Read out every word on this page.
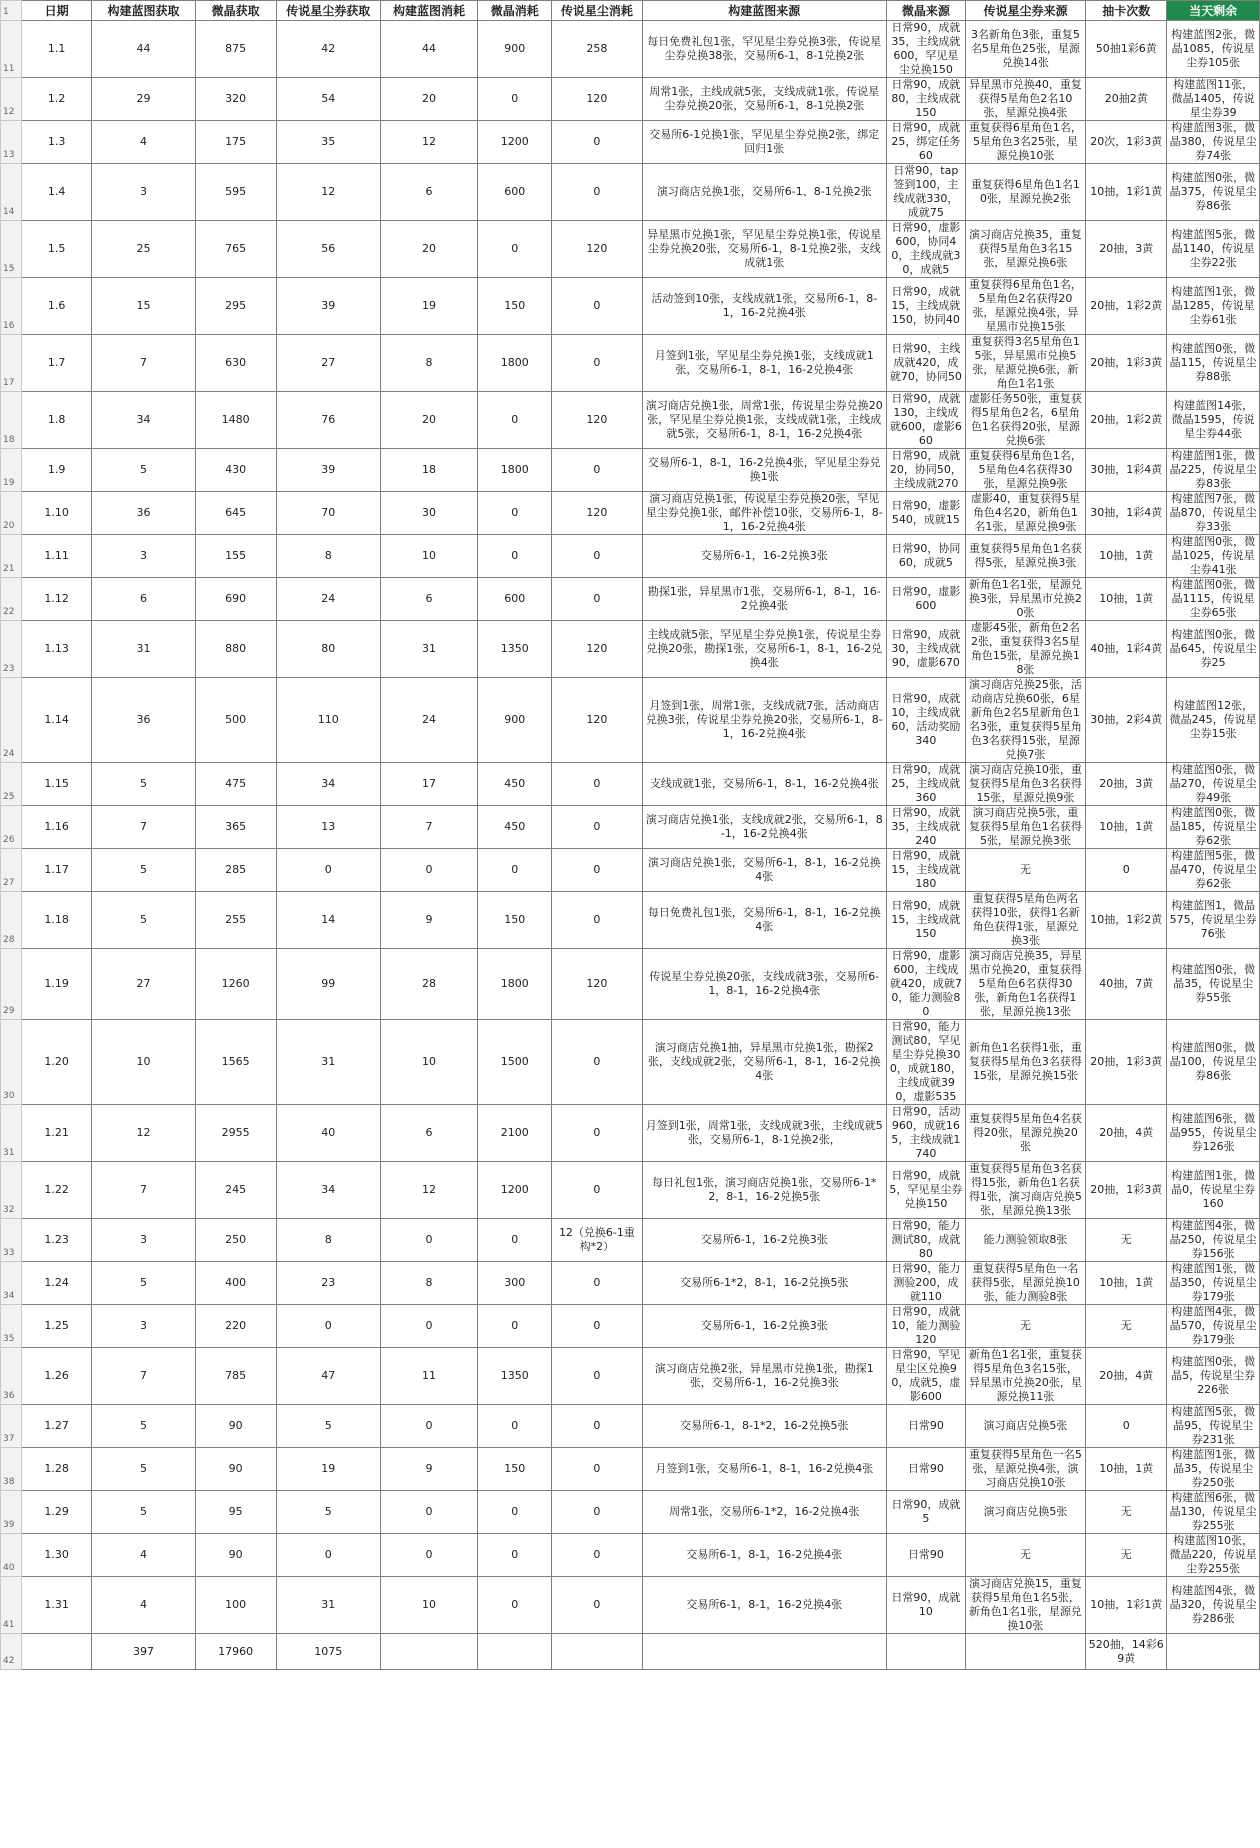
1	日期	构建蓝图获取	微晶获取	传说星尘券获取	构建蓝图消耗	微晶消耗	传说星尘消耗	构建蓝图来源	微晶来源	传说星尘券来源	抽卡次数	当天剩余
11	1.1	44	875	42	44	900	258	每日免费礼包1张，罕见星尘券兑换3张，传说星尘券兑换38张，交易所6-1，8-1兑换2张	日常90，成就35，主线成就600，罕见星尘兑换150	3名新角色3张，重复5名5星角色25张，星源兑换14张	50抽1彩6黄	构建蓝图2张，微晶1085，传说星尘券105张
12	1.2	29	320	54	20	0	120	周常1张，主线成就5张，支线成就1张，传说星尘券兑换20张，交易所6-1，8-1兑换2张	日常90，成就80，主线成就150	异星黑市兑换40，重复获得5星角色2名10张，星源兑换4张	20抽2黄	构建蓝图11张，微晶1405，传说星尘券39
13	1.3	4	175	35	12	1200	0	交易所6-1兑换1张，罕见星尘券兑换2张，绑定回归1张	日常90，成就25，绑定任务60	重复获得6星角色1名，5星角色3名25张，星源兑换10张	20次，1彩3黄	构建蓝图3张，微晶380，传说星尘券74张
14	1.4	3	595	12	6	600	0	演习商店兑换1张，交易所6-1、8-1兑换2张	日常90，tap签到100，主线成就330，成就75	重复获得6星角色1名10张，星源兑换2张	10抽，1彩1黄	构建蓝图0张，微晶375，传说星尘券86张
15	1.5	25	765	56	20	0	120	异星黑市兑换1张，罕见星尘券兑换1张，传说星尘券兑换20张，交易所6-1，8-1兑换2张，支线成就1张	日常90，虚影600，协同40，主线成就30，成就5	演习商店兑换35，重复获得5星角色3名15张，星源兑换6张	20抽，3黄	构建蓝图5张，微晶1140，传说星尘券22张
16	1.6	15	295	39	19	150	0	活动签到10张，支线成就1张，交易所6-1，8-1，16-2兑换4张	日常90，成就15，主线成就150，协同40	重复获得6星角色1名，5星角色2名获得20张，星源兑换4张，异星黑市兑换15张	20抽，1彩2黄	构建蓝图1张，微晶1285，传说星尘券61张
17	1.7	7	630	27	8	1800	0	月签到1张，罕见星尘券兑换1张，支线成就1张，交易所6-1，8-1，16-2兑换4张	日常90，主线成就420，成就70，协同50	重复获得3名5星角色15张，异星黑市兑换5张，星源兑换6张，新角色1名1张	20抽，1彩3黄	构建蓝图0张，微晶115，传说星尘券88张
18	1.8	34	1480	76	20	0	120	演习商店兑换1张，周常1张，传说星尘券兑换20张，罕见星尘券兑换1张，支线成就1张，主线成就5张，交易所6-1，8-1，16-2兑换4张	日常90，成就130，主线成就600，虚影660	虚影任务50张，重复获得5星角色2名，6星角色1名获得20张，星源兑换6张	20抽，1彩2黄	构建蓝图14张，微晶1595，传说星尘券44张
19	1.9	5	430	39	18	1800	0	交易所6-1，8-1，16-2兑换4张，罕见星尘券兑换1张	日常90，成就20，协同50，主线成就270	重复获得6星角色1名，5星角色4名获得30张，星源兑换9张	30抽，1彩4黄	构建蓝图1张，微晶225，传说星尘券83张
20	1.10	36	645	70	30	0	120	演习商店兑换1张，传说星尘券兑换20张，罕见星尘券兑换1张，邮件补偿10张，交易所6-1，8-1，16-2兑换4张	日常90，虚影540，成就15	虚影40，重复获得5星角色4名20，新角色1名1张，星源兑换9张	30抽，1彩4黄	构建蓝图7张，微晶870，传说星尘券33张
21	1.11	3	155	8	10	0	0	交易所6-1，16-2兑换3张	日常90，协同60，成就5	重复获得5星角色1名获得5张，星源兑换3张	10抽，1黄	构建蓝图0张，微晶1025，传说星尘券41张
22	1.12	6	690	24	6	600	0	勘探1张，异星黑市1张，交易所6-1，8-1，16-2兑换4张	日常90，虚影600	新角色1名1张，星源兑换3张，异星黑市兑换20张	10抽，1黄	构建蓝图0张，微晶1115，传说星尘券65张
23	1.13	31	880	80	31	1350	120	主线成就5张，罕见星尘券兑换1张，传说星尘券兑换20张，勘探1张，交易所6-1，8-1，16-2兑换4张	日常90，成就30，主线成就90，虚影670	虚影45张，新角色2名2张，重复获得3名5星角色15张，星源兑换18张	40抽，1彩4黄	构建蓝图0张，微晶645，传说星尘券25
24	1.14	36	500	110	24	900	120	月签到1张，周常1张，支线成就7张，活动商店兑换3张，传说星尘券兑换20张，交易所6-1，8-1，16-2兑换4张	日常90，成就10，主线成就60，活动奖励340	演习商店兑换25张，活动商店兑换60张，6星新角色2名5星新角色1名3张，重复获得5星角色3名获得15张，星源兑换7张	30抽，2彩4黄	构建蓝图12张，微晶245，传说星尘券15张
25	1.15	5	475	34	17	450	0	支线成就1张，交易所6-1，8-1，16-2兑换4张	日常90，成就25，主线成就360	演习商店兑换10张，重复获得5星角色3名获得15张，星源兑换9张	20抽，3黄	构建蓝图0张，微晶270，传说星尘券49张
26	1.16	7	365	13	7	450	0	演习商店兑换1张，支线成就2张，交易所6-1，8-1，16-2兑换4张	日常90，成就35，主线成就240	演习商店兑换5张，重复获得5星角色1名获得5张，星源兑换3张	10抽，1黄	构建蓝图0张，微晶185，传说星尘券62张
27	1.17	5	285	0	0	0	0	演习商店兑换1张，交易所6-1，8-1，16-2兑换4张	日常90，成就15，主线成就180	无	0	构建蓝图5张，微晶470，传说星尘券62张
28	1.18	5	255	14	9	150	0	每日免费礼包1张，交易所6-1，8-1，16-2兑换4张	日常90，成就15，主线成就150	重复获得5星角色两名获得10张，获得1名新角色获得1张，星源兑换3张	10抽，1彩2黄	构建蓝图1，微晶575，传说星尘券76张
29	1.19	27	1260	99	28	1800	120	传说星尘券兑换20张，支线成就3张，交易所6-1，8-1，16-2兑换4张	日常90，虚影600，主线成就420，成就70，能力测验80	演习商店兑换35，异星黑市兑换20，重复获得5星角色6名获得30张，新角色1名获得1张，星源兑换13张	40抽，7黄	构建蓝图0张，微晶35，传说星尘券55张
30	1.20	10	1565	31	10	1500	0	演习商店兑换1抽，异星黑市兑换1张，勘探2张，支线成就2张，交易所6-1，8-1，16-2兑换4张	日常90，能力测试80，罕见星尘券兑换300，成就180，主线成就390，虚影535	新角色1名获得1张，重复获得5星角色3名获得15张，星源兑换15张	20抽，1彩3黄	构建蓝图0张，微晶100，传说星尘券86张
31	1.21	12	2955	40	6	2100	0	月签到1张，周常1张，支线成就3张，主线成就5张，交易所6-1，8-1兑换2张，	日常90，活动960，成就165，主线成就1740	重复获得5星角色4名获得20张，星源兑换20张	20抽，4黄	构建蓝图6张，微晶955，传说星尘券126张
32	1.22	7	245	34	12	1200	0	每日礼包1张，演习商店兑换1张，交易所6-1*2，8-1，16-2兑换5张	日常90，成就5，罕见星尘券兑换150	重复获得5星角色3名获得15张，新角色1名获得1张，演习商店兑换5张，星源兑换13张	20抽，1彩3黄	构建蓝图1张，微晶0，传说星尘券160
33	1.23	3	250	8	0	0	12（兑换6-1重构*2）	交易所6-1，16-2兑换3张	日常90，能力测试80，成就80	能力测验领取8张	无	构建蓝图4张，微晶250，传说星尘券156张
34	1.24	5	400	23	8	300	0	交易所6-1*2，8-1，16-2兑换5张	日常90，能力测验200，成就110	重复获得5星角色一名获得5张，星源兑换10张，能力测验8张	10抽，1黄	构建蓝图1张，微晶350，传说星尘券179张
35	1.25	3	220	0	0	0	0	交易所6-1，16-2兑换3张	日常90，成就10，能力测验120	无	无	构建蓝图4张，微晶570，传说星尘券179张
36	1.26	7	785	47	11	1350	0	演习商店兑换2张，异星黑市兑换1张，勘探1张，交易所6-1，16-2兑换3张	日常90，罕见星尘区兑换90，成就5，虚影600	新角色1名1张，重复获得5星角色3名15张，异星黑市兑换20张，星源兑换11张	20抽，4黄	构建蓝图0张，微晶5，传说星尘券226张
37	1.27	5	90	5	0	0	0	交易所6-1，8-1*2，16-2兑换5张	日常90	演习商店兑换5张	0	构建蓝图5张，微晶95，传说星尘券231张
38	1.28	5	90	19	9	150	0	月签到1张，交易所6-1，8-1，16-2兑换4张	日常90	重复获得5星角色一名5张，星源兑换4张，演习商店兑换10张	10抽，1黄	构建蓝图1张，微晶35，传说星尘券250张
39	1.29	5	95	5	0	0	0	周常1张，交易所6-1*2，16-2兑换4张	日常90，成就5	演习商店兑换5张	无	构建蓝图6张，微晶130，传说星尘券255张
40	1.30	4	90	0	0	0	0	交易所6-1，8-1，16-2兑换4张	日常90	无	无	构建蓝图10张，微晶220，传说星尘券255张
41	1.31	4	100	31	10	0	0	交易所6-1，8-1，16-2兑换4张	日常90，成就10	演习商店兑换15，重复获得5星角色1名5张，新角色1名1张，星源兑换10张	10抽，1彩1黄	构建蓝图4张，微晶320，传说星尘券286张
42		397	17960	1075							520抽，14彩69黄	
